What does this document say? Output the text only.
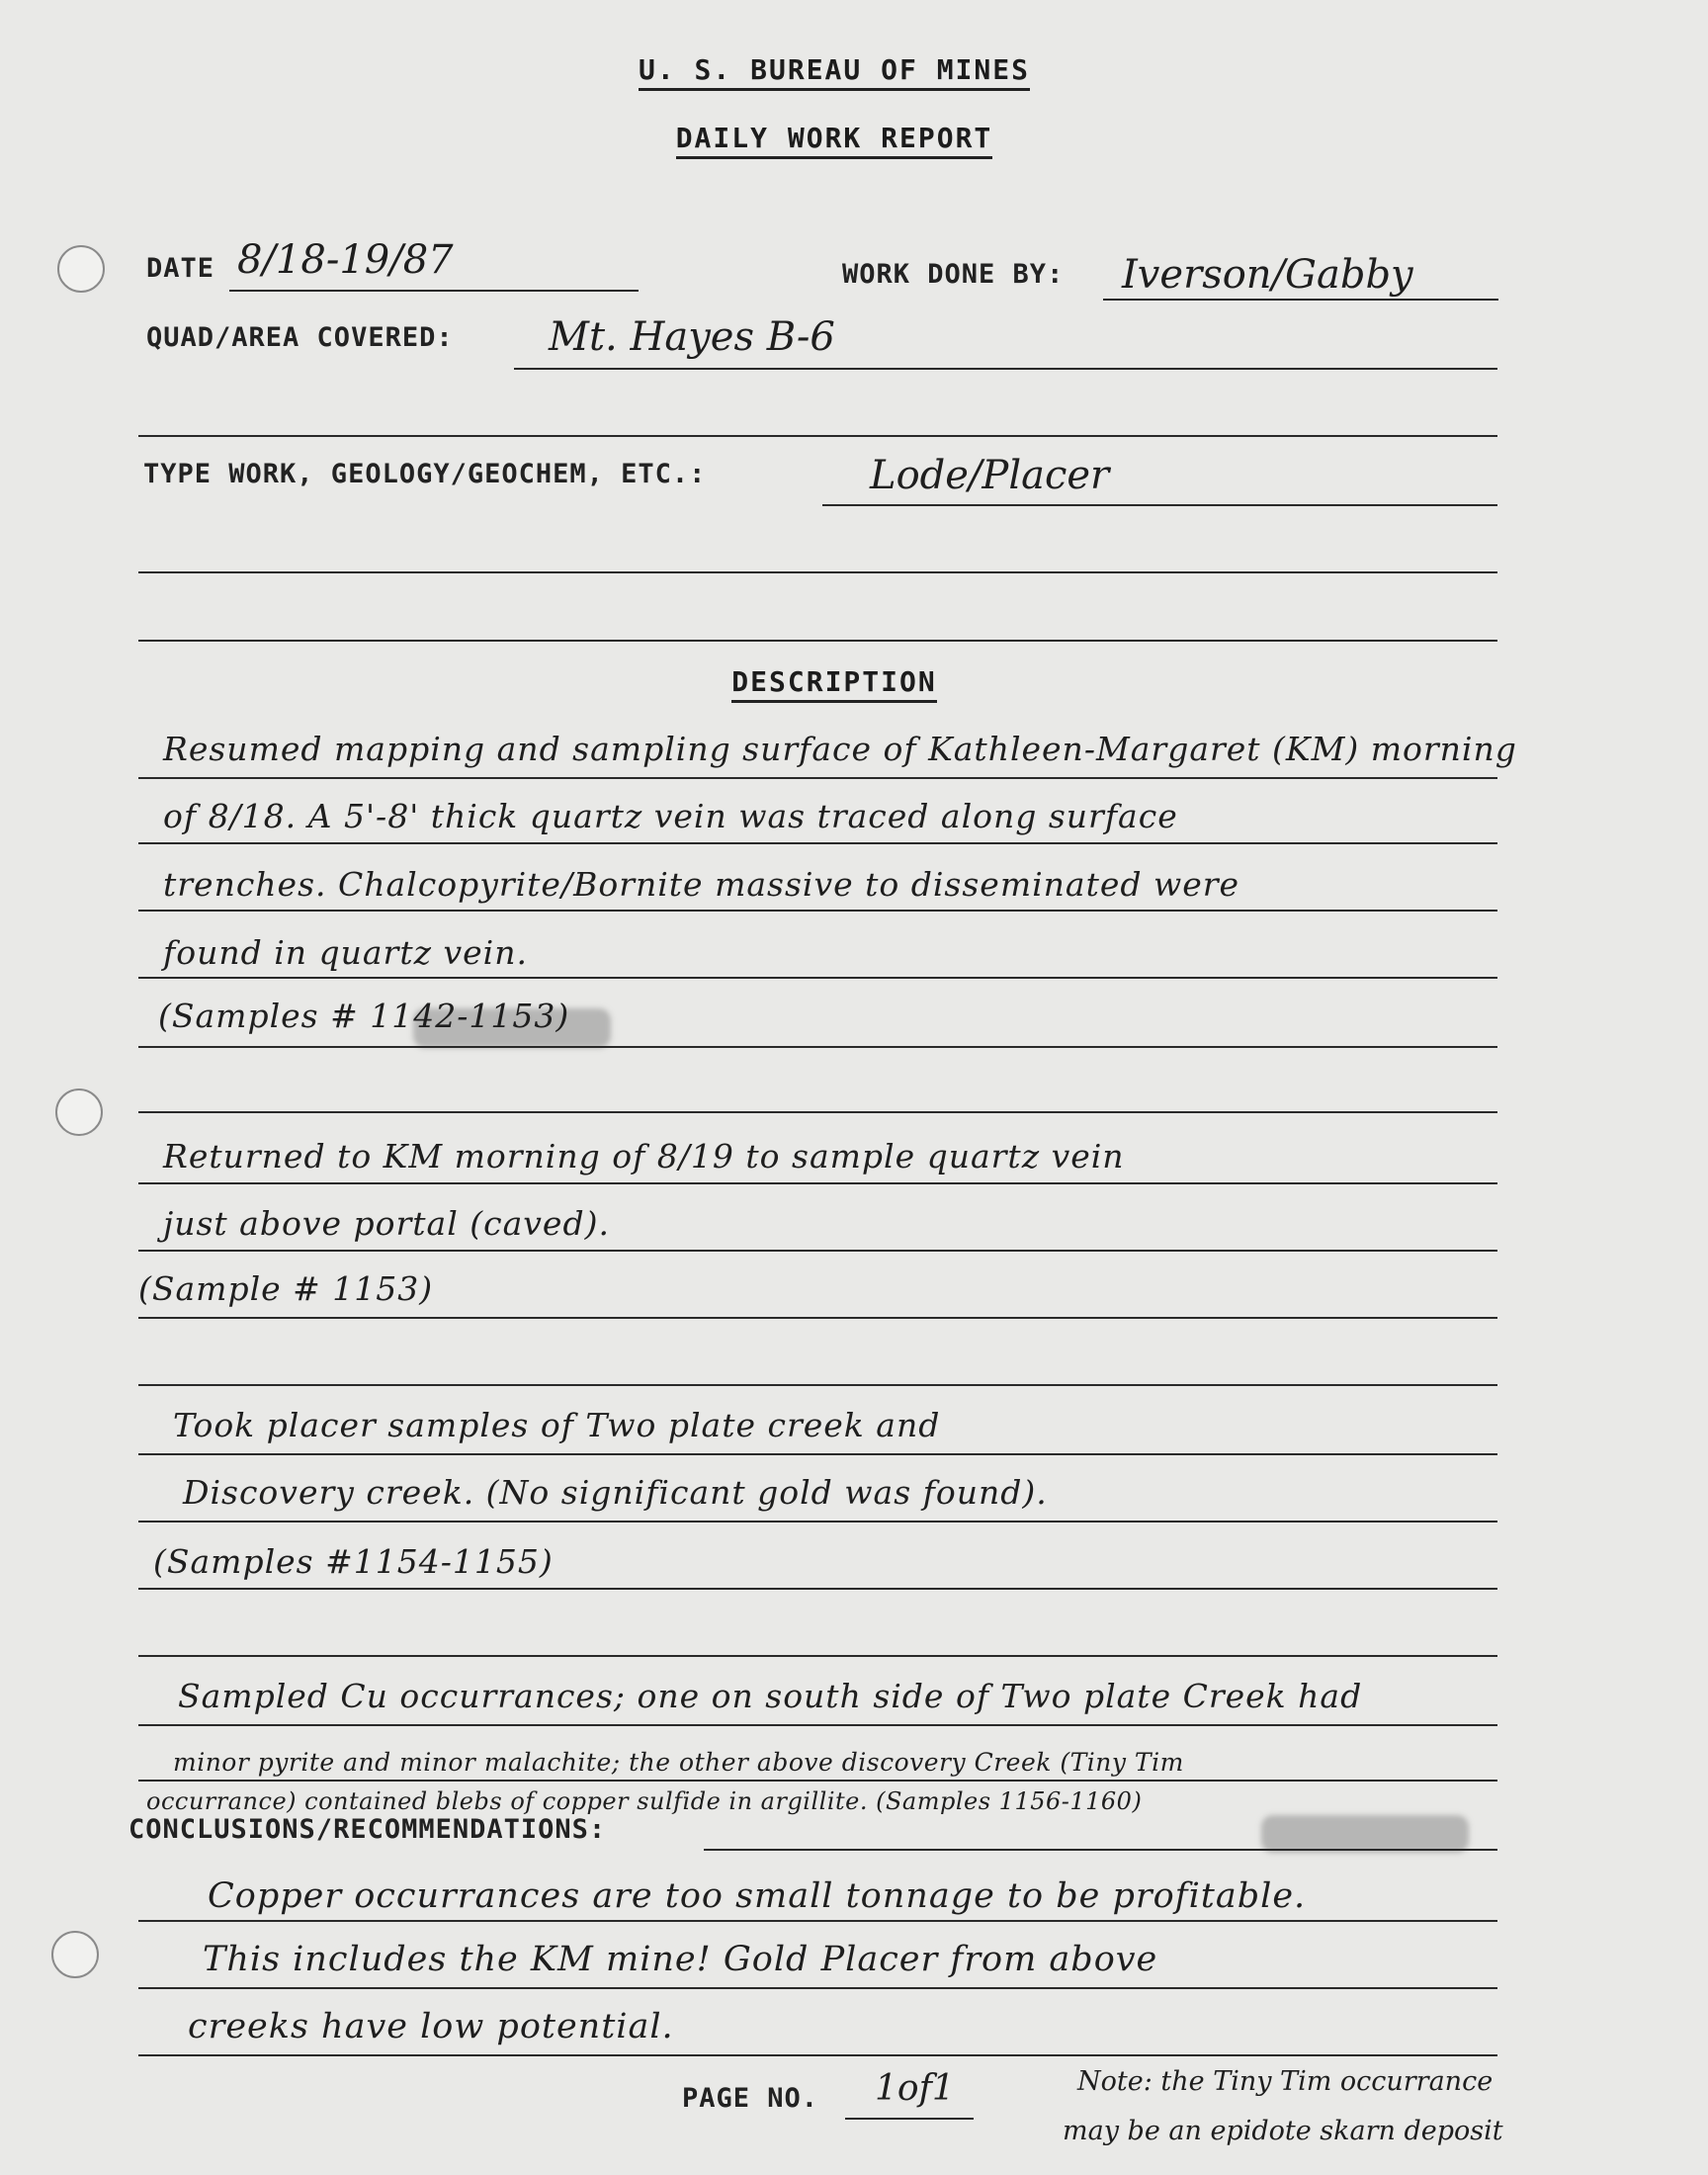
U. S. BUREAU OF MINES
DAILY WORK REPORT
DATE 8/18-19/87	WORK DONE BY: Iverson/Gabby
QUAD/AREA COVERED: Mt. Hayes B-6
TYPE WORK, GEOLOGY/GEOCHEM, ETC.:	Lode/Placer
DESCRIPTION
Resumed mapping and sampling surface of Kathleen-Margaret (KM) morning
of 8/18. A 5'-8' thick quartz vein was traced along surface
trenches. Chalcopyrite/Bornite massive to disseminated were
found in quartz vein.
(Samples # 1142-1153)
Returned to KM morning of 8/19 to sample quartz vein
just above portal (caved).
(Sample # 1153)
Took placer samples of Two plate creek and
Discovery creek. (No significant gold was found).
(Samples #1154-1155)
Sampled Cu occurrances; one on south side of Two plate Creek had
minor pyrite and minor malachite; the other above discovery Creek (Tiny Tim
occurrance) contained blebs of copper sulfide in argillite. (Samples 1156-1160)
CONCLUSIONS/RECOMMENDATIONS:
Copper occurrances are too small tonnage to be profitable.
This includes the KM mine! Gold Placer from above
creeks have low potential.
PAGE NO. 1of1	Note: the Tiny Tim occurrance
may be an epidote skarn deposit
